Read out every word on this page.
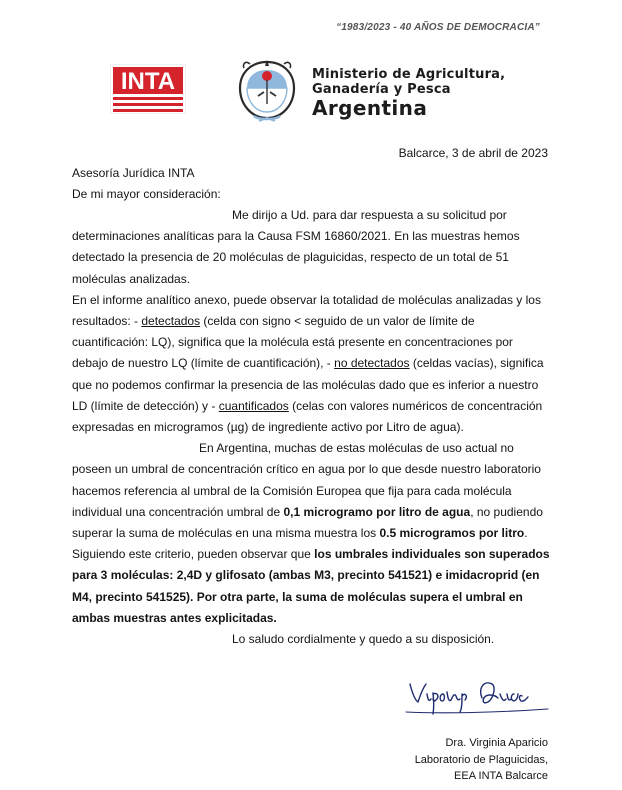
“1983/2023 - 40 AÑOS DE DEMOCRACIA”
INTA	Ministerio de Agricultura,
Ganadería y Pesca
Argentina
Balcarce, 3 de abril de 2023
Asesoría Jurídica INTA
De mi mayor consideración:

Me dirijo a Ud. para dar respuesta a su solicitud por

determinaciones analíticas para la Causa FSM 16860/2021. En las muestras hemos detectado la presencia de 20 moléculas de plaguicidas, respecto de un total de 51 moléculas analizadas.

En el informe analítico anexo, puede observar la totalidad de moléculas analizadas y los resultados: - detectados (celda con signo < seguido de un valor de límite de cuantificación: LQ), significa que la molécula está presente en concentraciones por debajo de nuestro LQ (límite de cuantificación), - no detectados (celdas vacías), significa que no podemos confirmar la presencia de las moléculas dado que es inferior a nuestro LD (límite de detección) y - cuantificados (celas con valores numéricos de concentración expresadas en microgramos (µg) de ingrediente activo por Litro de agua).

En Argentina, muchas de estas moléculas de uso actual no

poseen un umbral de concentración crítico en agua por lo que desde nuestro laboratorio hacemos referencia al umbral de la Comisión Europea que fija para cada molécula individual una concentración umbral de 0,1 microgramo por litro de agua, no pudiendo superar la suma de moléculas en una misma muestra los 0.5 microgramos por litro. Siguiendo este criterio, pueden observar que los umbrales individuales son superados para 3 moléculas: 2,4D y glifosato (ambas M3, precinto 541521) e imidacroprid (en M4, precinto 541525). Por otra parte, la suma de moléculas supera el umbral en ambas muestras antes explicitadas.

Lo saludo cordialmente y quedo a su disposición.

Dra. Virginia Aparicio
Laboratorio de Plaguicidas,
EEA INTA Balcarce
